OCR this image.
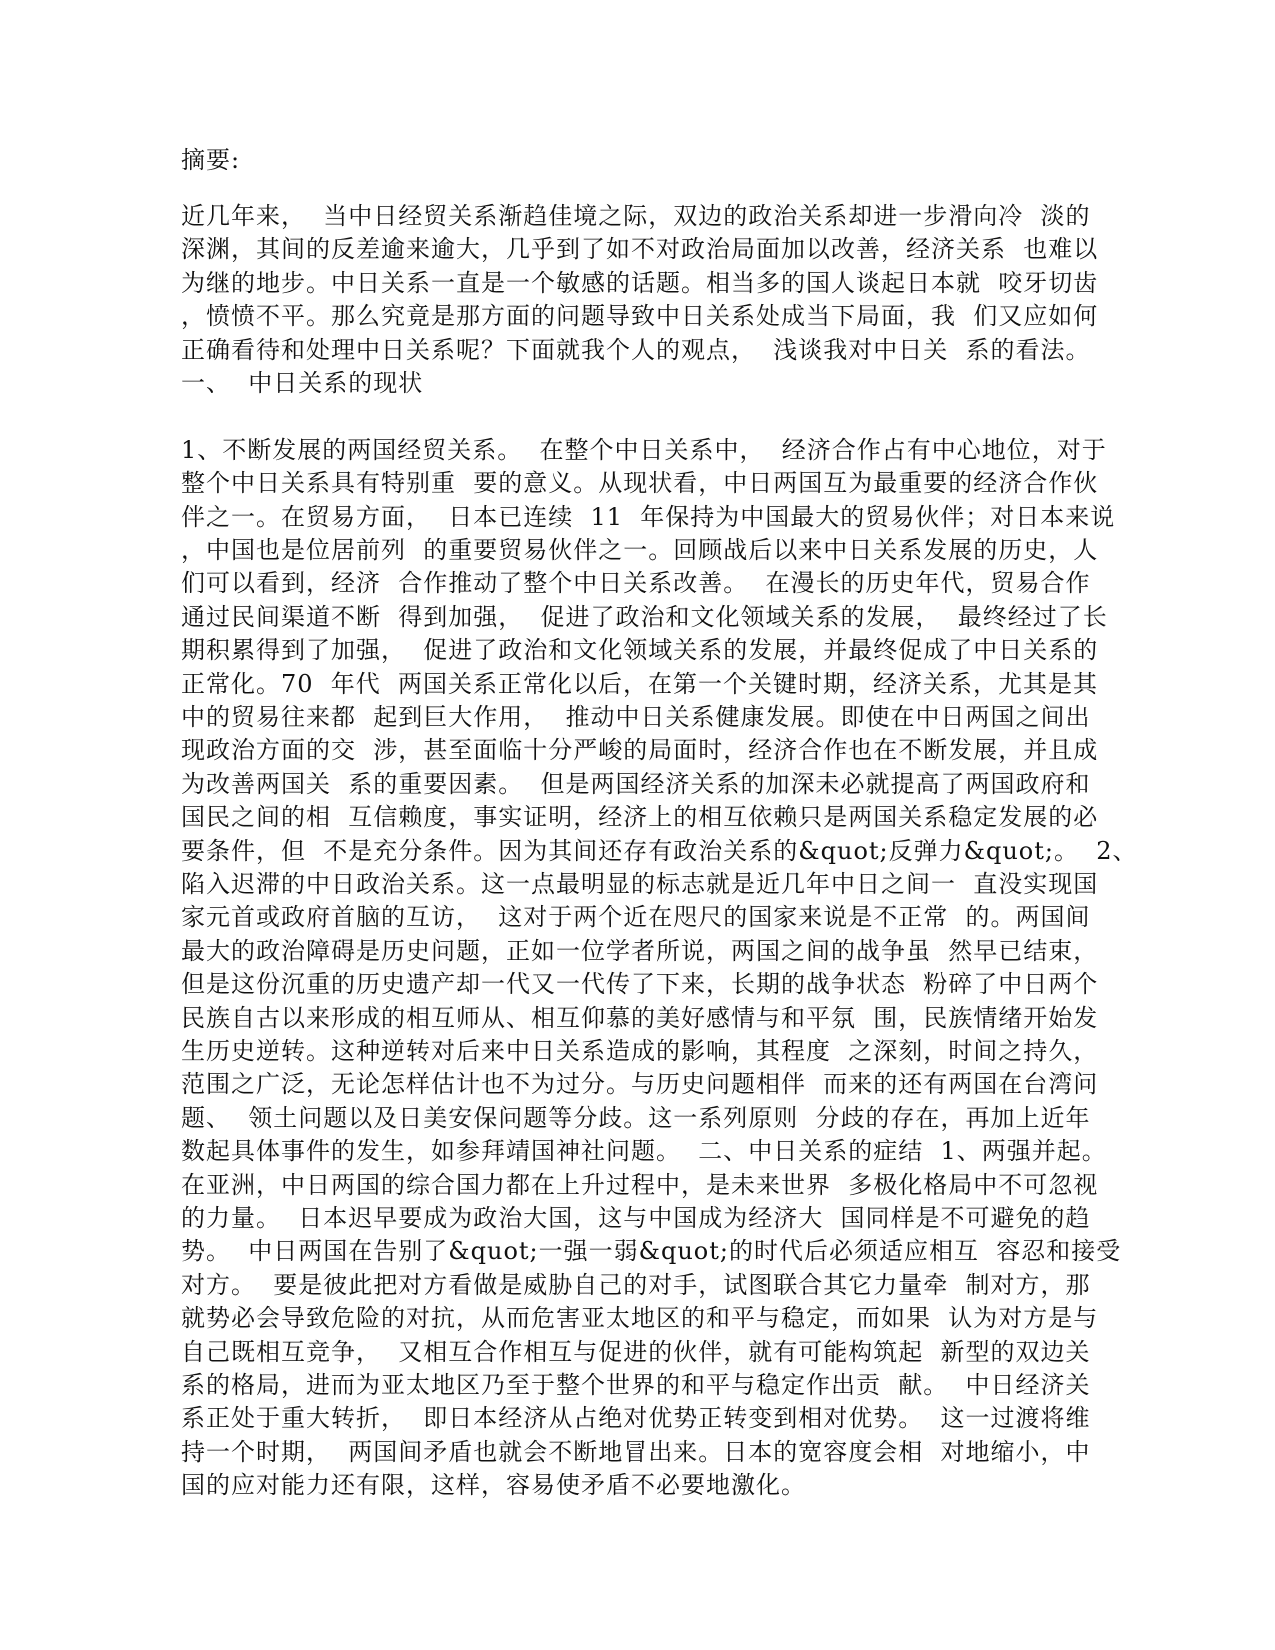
摘要:
近几年来，  当中日经贸关系渐趋佳境之际，双边的政治关系却进一步滑向冷  淡的
深渊，其间的反差逾来逾大，几乎到了如不对政治局面加以改善，经济关系  也难以
为继的地步。中日关系一直是一个敏感的话题。相当多的国人谈起日本就  咬牙切齿
，愤愤不平。那么究竟是那方面的问题导致中日关系处成当下局面，我  们又应如何
正确看待和处理中日关系呢？下面就我个人的观点，  浅谈我对中日关  系的看法。
一、  中日关系的现状
1、不断发展的两国经贸关系。  在整个中日关系中，  经济合作占有中心地位，对于
整个中日关系具有特别重  要的意义。从现状看，中日两国互为最重要的经济合作伙
伴之一。在贸易方面，  日本已连续  11  年保持为中国最大的贸易伙伴；对日本来说
，中国也是位居前列  的重要贸易伙伴之一。回顾战后以来中日关系发展的历史，人
们可以看到，经济  合作推动了整个中日关系改善。  在漫长的历史年代，贸易合作
通过民间渠道不断  得到加强，  促进了政治和文化领域关系的发展，  最终经过了长
期积累得到了加强，  促进了政治和文化领域关系的发展，并最终促成了中日关系的
正常化。70  年代  两国关系正常化以后，在第一个关键时期，经济关系，尤其是其
中的贸易往来都  起到巨大作用，  推动中日关系健康发展。即使在中日两国之间出
现政治方面的交  涉，甚至面临十分严峻的局面时，经济合作也在不断发展，并且成
为改善两国关  系的重要因素。  但是两国经济关系的加深未必就提高了两国政府和
国民之间的相  互信赖度，事实证明，经济上的相互依赖只是两国关系稳定发展的必
要条件，但  不是充分条件。因为其间还存有政治关系的&quot;反弹力&quot;。  2、
陷入迟滞的中日政治关系。这一点最明显的标志就是近几年中日之间一  直没实现国
家元首或政府首脑的互访，  这对于两个近在咫尺的国家来说是不正常  的。两国间
最大的政治障碍是历史问题，正如一位学者所说，两国之间的战争虽  然早已结束，
但是这份沉重的历史遗产却一代又一代传了下来，长期的战争状态  粉碎了中日两个
民族自古以来形成的相互师从、相互仰慕的美好感情与和平氛  围，民族情绪开始发
生历史逆转。这种逆转对后来中日关系造成的影响，其程度  之深刻，时间之持久，
范围之广泛，无论怎样估计也不为过分。与历史问题相伴  而来的还有两国在台湾问
题、  领土问题以及日美安保问题等分歧。这一系列原则  分歧的存在，再加上近年
数起具体事件的发生，如参拜靖国神社问题。  二、中日关系的症结  1、两强并起。
在亚洲，中日两国的综合国力都在上升过程中，是未来世界  多极化格局中不可忽视
的力量。  日本迟早要成为政治大国，这与中国成为经济大  国同样是不可避免的趋
势。  中日两国在告别了&quot;一强一弱&quot;的时代后必须适应相互  容忍和接受
对方。  要是彼此把对方看做是威胁自己的对手，试图联合其它力量牵  制对方，那
就势必会导致危险的对抗，从而危害亚太地区的和平与稳定，而如果  认为对方是与
自己既相互竞争，  又相互合作相互与促进的伙伴，就有可能构筑起  新型的双边关
系的格局，进而为亚太地区乃至于整个世界的和平与稳定作出贡  献。  中日经济关
系正处于重大转折，  即日本经济从占绝对优势正转变到相对优势。  这一过渡将维
持一个时期，  两国间矛盾也就会不断地冒出来。日本的宽容度会相  对地缩小，中
国的应对能力还有限，这样，容易使矛盾不必要地激化。
